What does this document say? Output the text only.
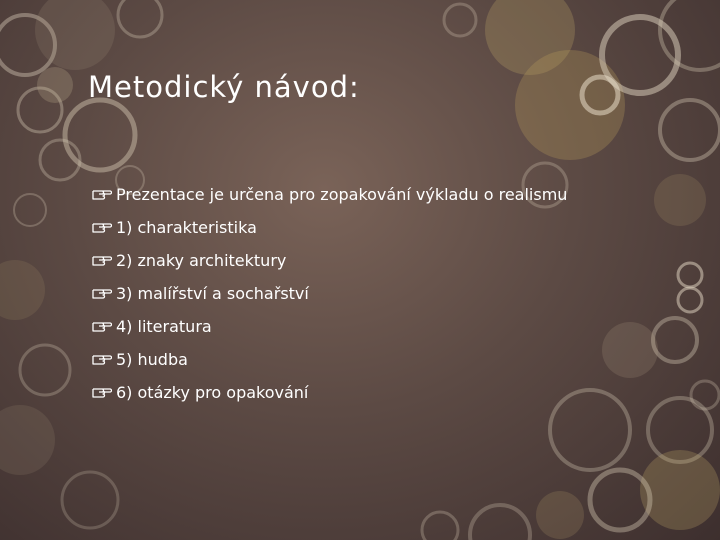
Metodický návod:
Prezentace je určena pro zopakování výkladu o realismu
1) charakteristika
2) znaky architektury
3) malířství a sochařství
4) literatura
5) hudba
6) otázky pro opakování
